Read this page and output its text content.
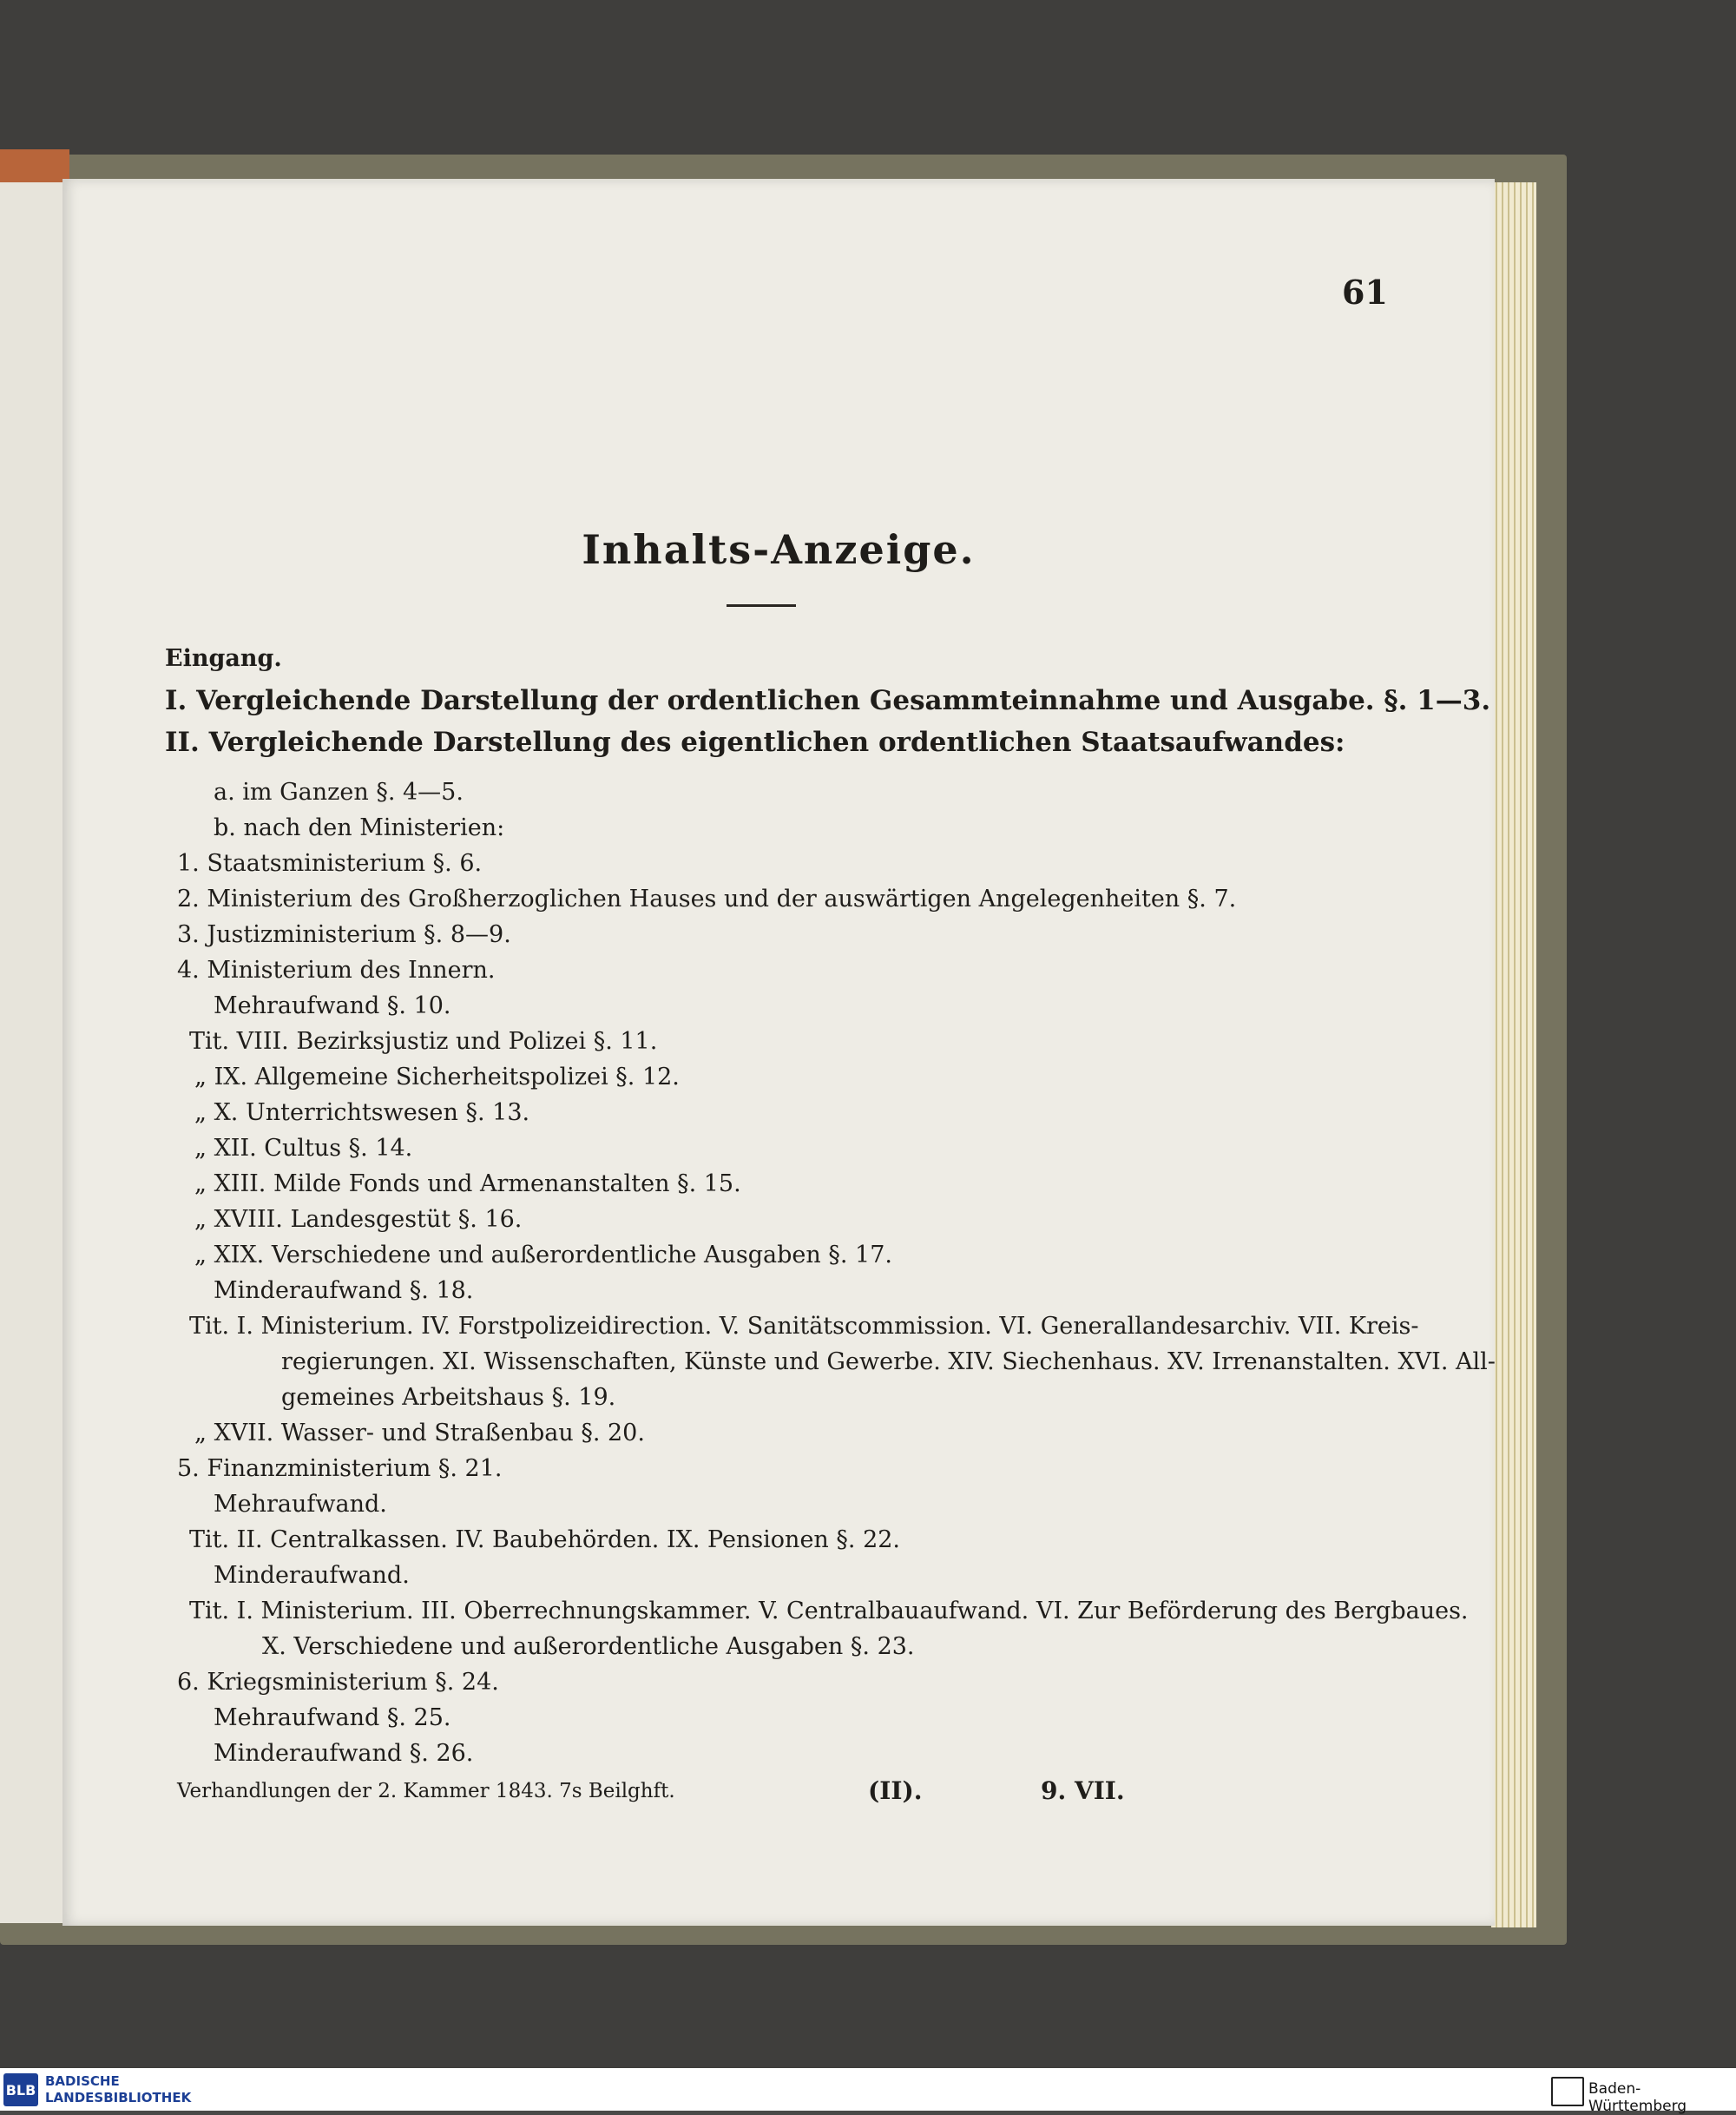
61
Inhalts-Anzeige.
Eingang.
I. Vergleichende Darstellung der ordentlichen Gesammteinnahme und Ausgabe. §. 1—3.
II. Vergleichende Darstellung des eigentlichen ordentlichen Staatsaufwandes:
a. im Ganzen §. 4—5.
b. nach den Ministerien:
1. Staatsministerium §. 6.
2. Ministerium des Großherzoglichen Hauses und der auswärtigen Angelegenheiten §. 7.
3. Justizministerium §. 8—9.
4. Ministerium des Innern.
Mehraufwand §. 10.
Tit. VIII. Bezirksjustiz und Polizei §. 11.
„ IX. Allgemeine Sicherheitspolizei §. 12.
„ X. Unterrichtswesen §. 13.
„ XII. Cultus §. 14.
„ XIII. Milde Fonds und Armenanstalten §. 15.
„ XVIII. Landesgestüt §. 16.
„ XIX. Verschiedene und außerordentliche Ausgaben §. 17.
Minderaufwand §. 18.
Tit. I. Ministerium. IV. Forstpolizeidirection. V. Sanitätscommission. VI. Generallandesarchiv. VII. Kreis-
regierungen. XI. Wissenschaften, Künste und Gewerbe. XIV. Siechenhaus. XV. Irrenanstalten. XVI. All-
gemeines Arbeitshaus §. 19.
„ XVII. Wasser- und Straßenbau §. 20.
5. Finanzministerium §. 21.
Mehraufwand.
Tit. II. Centralkassen. IV. Baubehörden. IX. Pensionen §. 22.
Minderaufwand.
Tit. I. Ministerium. III. Oberrechnungskammer. V. Centralbauaufwand. VI. Zur Beförderung des Bergbaues.
X. Verschiedene und außerordentliche Ausgaben §. 23.
6. Kriegsministerium §. 24.
Mehraufwand §. 25.
Minderaufwand §. 26.
Verhandlungen der 2. Kammer 1843. 7s Beilghft.	(II).	9. VII.
BLB
BADISCHE
LANDESBIBLIOTHEK	Baden-Württemberg
